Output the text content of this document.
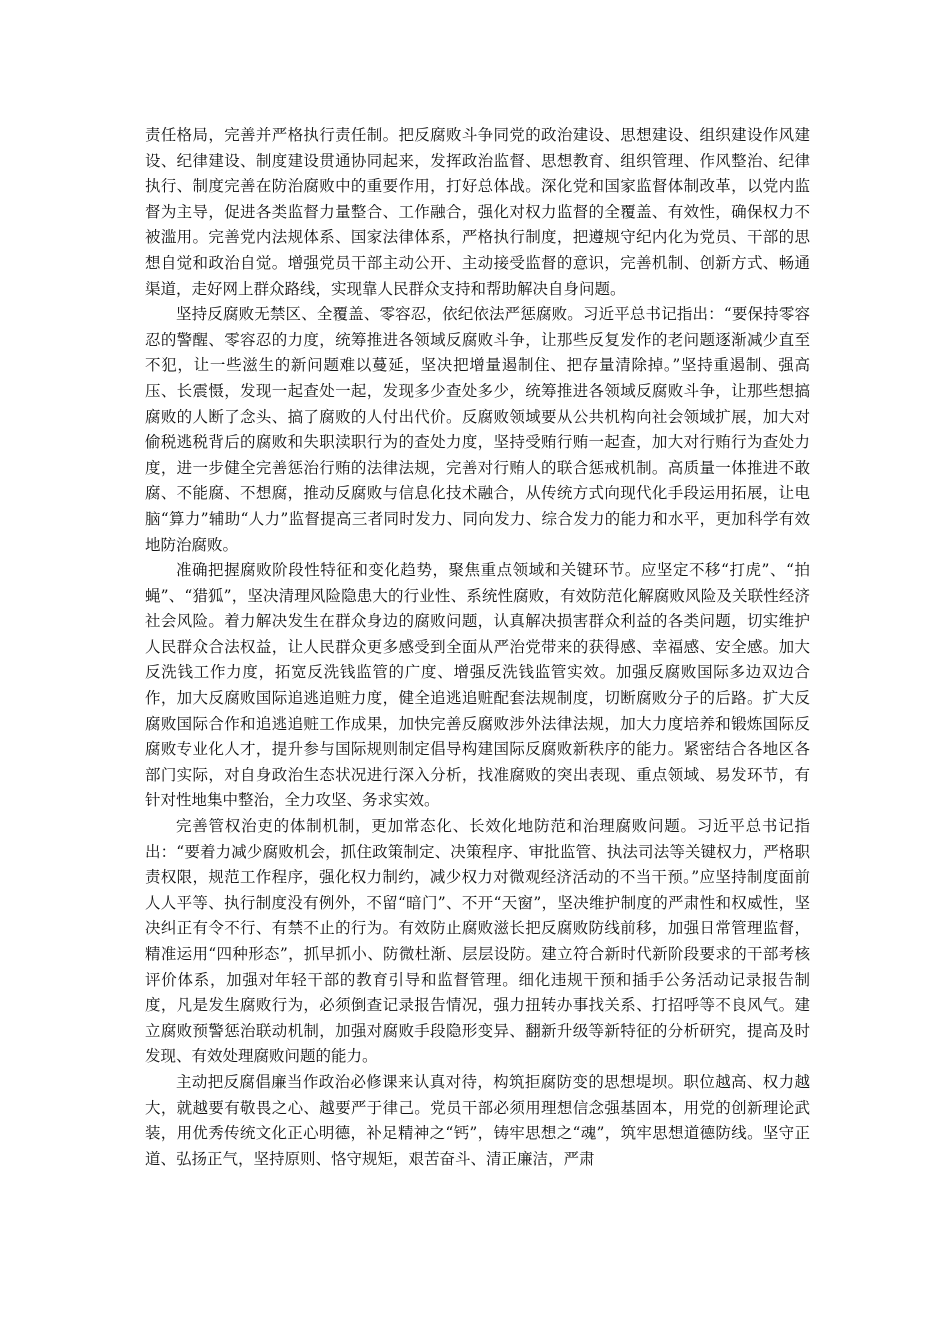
责任格局，完善并严格执行责任制。把反腐败斗争同党的政治建设、思想建设、组织建设作风建设、纪律建设、制度建设贯通协同起来，发挥政治监督、思想教育、组织管理、作风整治、纪律执行、制度完善在防治腐败中的重要作用，打好总体战。深化党和国家监督体制改革，以党内监督为主导，促进各类监督力量整合、工作融合，强化对权力监督的全覆盖、有效性，确保权力不被滥用。完善党内法规体系、国家法律体系，严格执行制度，把遵规守纪内化为党员、干部的思想自觉和政治自觉。增强党员干部主动公开、主动接受监督的意识，完善机制、创新方式、畅通渠道，走好网上群众路线，实现靠人民群众支持和帮助解决自身问题。

坚持反腐败无禁区、全覆盖、零容忍，依纪依法严惩腐败。习近平总书记指出：“要保持零容忍的警醒、零容忍的力度，统筹推进各领域反腐败斗争，让那些反复发作的老问题逐渐减少直至不犯，让一些滋生的新问题难以蔓延，坚决把增量遏制住、把存量清除掉。”坚持重遏制、强高压、长震慑，发现一起查处一起，发现多少查处多少，统筹推进各领域反腐败斗争，让那些想搞腐败的人断了念头、搞了腐败的人付出代价。反腐败领域要从公共机构向社会领域扩展，加大对偷税逃税背后的腐败和失职渎职行为的查处力度，坚持受贿行贿一起查，加大对行贿行为查处力度，进一步健全完善惩治行贿的法律法规，完善对行贿人的联合惩戒机制。高质量一体推进不敢腐、不能腐、不想腐，推动反腐败与信息化技术融合，从传统方式向现代化手段运用拓展，让电脑“算力”辅助“人力”监督提高三者同时发力、同向发力、综合发力的能力和水平，更加科学有效地防治腐败。

准确把握腐败阶段性特征和变化趋势，聚焦重点领域和关键环节。应坚定不移“打虎”、“拍蝇”、“猎狐”，坚决清理风险隐患大的行业性、系统性腐败，有效防范化解腐败风险及关联性经济社会风险。着力解决发生在群众身边的腐败问题，认真解决损害群众利益的各类问题，切实维护人民群众合法权益，让人民群众更多感受到全面从严治党带来的获得感、幸福感、安全感。加大反洗钱工作力度，拓宽反洗钱监管的广度、增强反洗钱监管实效。加强反腐败国际多边双边合作，加大反腐败国际追逃追赃力度，健全追逃追赃配套法规制度，切断腐败分子的后路。扩大反腐败国际合作和追逃追赃工作成果，加快完善反腐败涉外法律法规，加大力度培养和锻炼国际反腐败专业化人才，提升参与国际规则制定倡导构建国际反腐败新秩序的能力。紧密结合各地区各部门实际，对自身政治生态状况进行深入分析，找准腐败的突出表现、重点领域、易发环节，有针对性地集中整治，全力攻坚、务求实效。

完善管权治吏的体制机制，更加常态化、长效化地防范和治理腐败问题。习近平总书记指出：“要着力减少腐败机会，抓住政策制定、决策程序、审批监管、执法司法等关键权力，严格职责权限，规范工作程序，强化权力制约，减少权力对微观经济活动的不当干预。”应坚持制度面前人人平等、执行制度没有例外，不留“暗门”、不开“天窗”，坚决维护制度的严肃性和权威性，坚决纠正有令不行、有禁不止的行为。有效防止腐败滋长把反腐败防线前移，加强日常管理监督，精准运用“四种形态”，抓早抓小、防微杜渐、层层设防。建立符合新时代新阶段要求的干部考核评价体系，加强对年轻干部的教育引导和监督管理。细化违规干预和插手公务活动记录报告制度，凡是发生腐败行为，必须倒查记录报告情况，强力扭转办事找关系、打招呼等不良风气。建立腐败预警惩治联动机制，加强对腐败手段隐形变异、翻新升级等新特征的分析研究，提高及时发现、有效处理腐败问题的能力。

主动把反腐倡廉当作政治必修课来认真对待，构筑拒腐防变的思想堤坝。职位越高、权力越大，就越要有敬畏之心、越要严于律己。党员干部必须用理想信念强基固本，用党的创新理论武装，用优秀传统文化正心明德，补足精神之“钙”，铸牢思想之“魂”，筑牢思想道德防线。坚守正道、弘扬正气，坚持原则、恪守规矩，艰苦奋斗、清正廉洁，严肃
